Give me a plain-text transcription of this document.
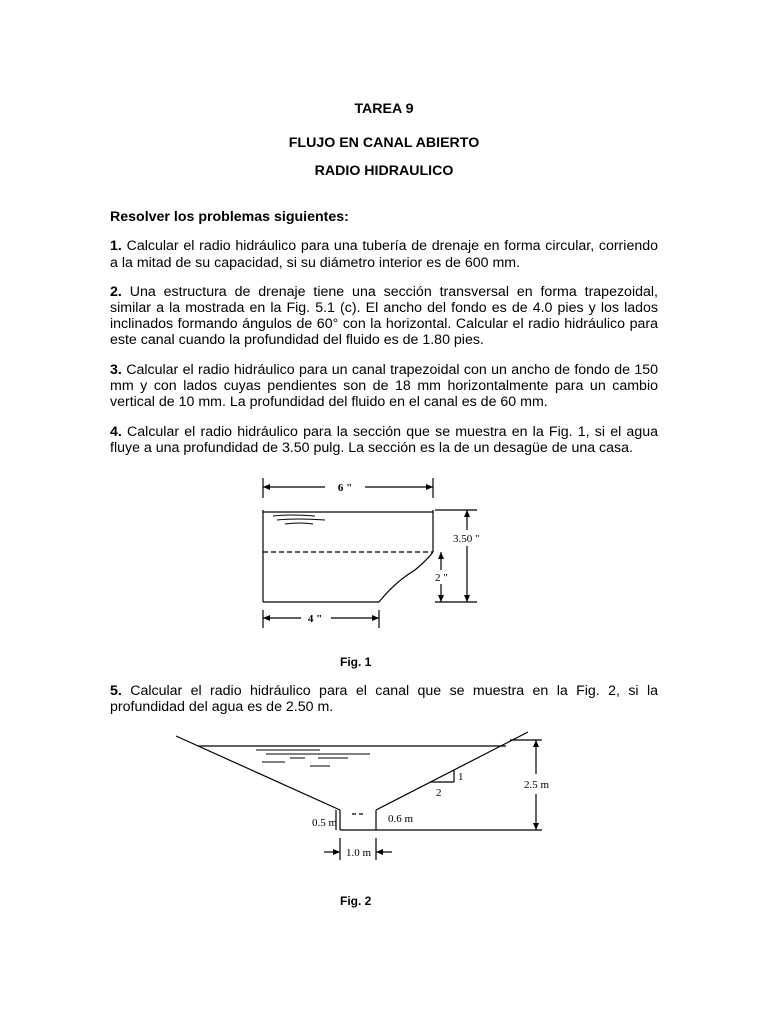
TAREA 9
FLUJO EN CANAL ABIERTO
RADIO HIDRAULICO
Resolver los problemas siguientes:
1. Calcular el radio hidráulico para una tubería de drenaje en forma circular, corriendo
a la mitad de su capacidad, si su diámetro interior es de 600 mm.
2. Una estructura de drenaje tiene una sección transversal en forma trapezoidal,
similar a la mostrada en la Fig. 5.1 (c). El ancho del fondo es de 4.0 pies y los lados
inclinados formando ángulos de 60° con la horizontal. Calcular el radio hidráulico para
este canal cuando la profundidad del fluido es de 1.80 pies.
3. Calcular el radio hidráulico para un canal trapezoidal con un ancho de fondo de 150
mm y con lados cuyas pendientes son de 18 mm horizontalmente para un cambio
vertical de 10 mm. La profundidad del fluido en el canal es de 60 mm.
4. Calcular el radio hidráulico para la sección que se muestra en la Fig. 1, si el agua
fluye a una profundidad de 3.50 pulg. La sección es la de un desagüe de una casa.
6 "
4 "
3.50 "
2 "
Fig. 1
5. Calcular el radio hidráulico para el canal que se muestra en la Fig. 2, si la
profundidad del agua es de 2.50 m.
1
2
2.5 m
0.5 m	0.6 m
1.0 m
Fig. 2
